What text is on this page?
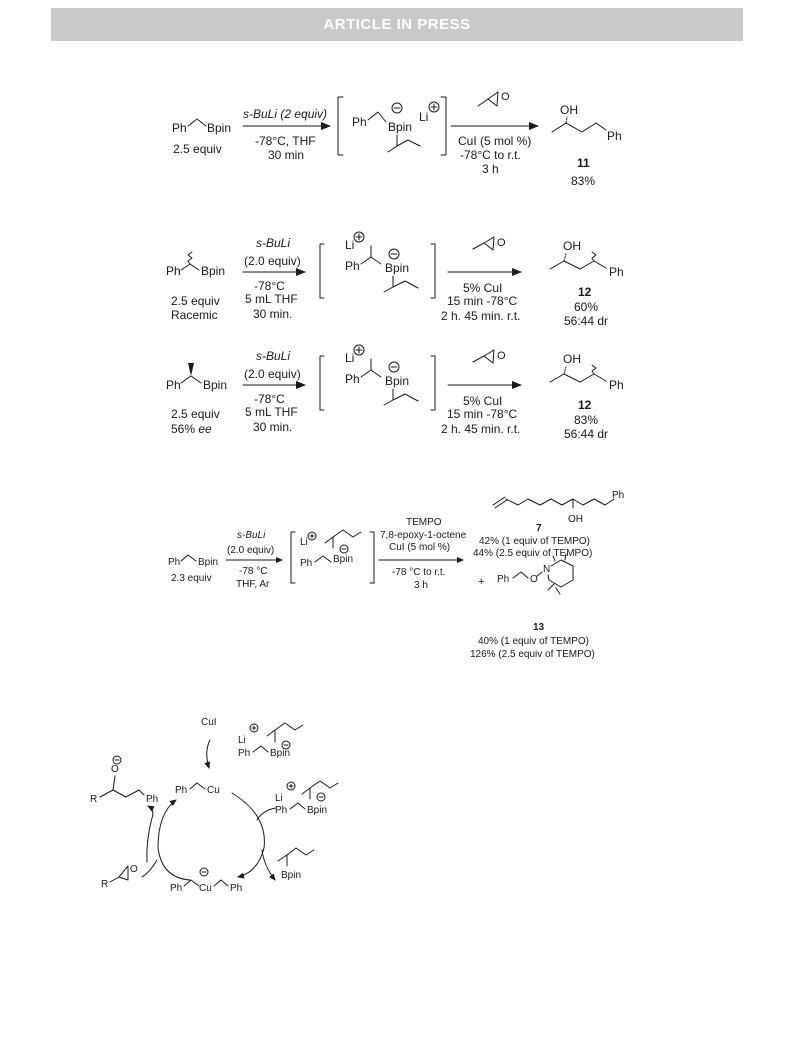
ARTICLE IN PRESS
Ph Bpin
2.5 equiv
s-BuLi (2 equiv)
-78°C, THF
30 min
Ph Bpin
Li
O
CuI (5 mol %)
-78°C to r.t.
3 h
OH
Ph
11
83%
Ph Bpin
2.5 equiv
Racemic
s-BuLi
(2.0 equiv)
-78°C
5 mL THF
30 min.
Li
Ph Bpin
O
5% CuI
15 min -78°C
2 h. 45 min. r.t.
OH
Ph
12
60%
56:44 dr
Ph Bpin
2.5 equiv
56% ee
s-BuLi
(2.0 equiv)
-78°C
5 mL THF
30 min.
Li
Ph Bpin
O
5% CuI
15 min -78°C
2 h. 45 min. r.t.
OH
Ph
12
83%
56:44 dr
Ph Bpin
2.3 equiv
s-BuLi
(2.0 equiv)
-78 °C
THF, Ar
Li
Ph Bpin
TEMPO
7,8-epoxy-1-octene
CuI (5 mol %)
-78 °C to r.t.
3 h
Ph
OH
7
42% (1 equiv of TEMPO)
44% (2.5 equiv of TEMPO)
+ Ph O
N
13
40% (1 equiv of TEMPO)
126% (2.5 equiv of TEMPO)
CuI
Li
Ph Bpin
Ph Cu
Li
Ph Bpin
Ph Cu Ph
Bpin
O
R	Ph
R
O
